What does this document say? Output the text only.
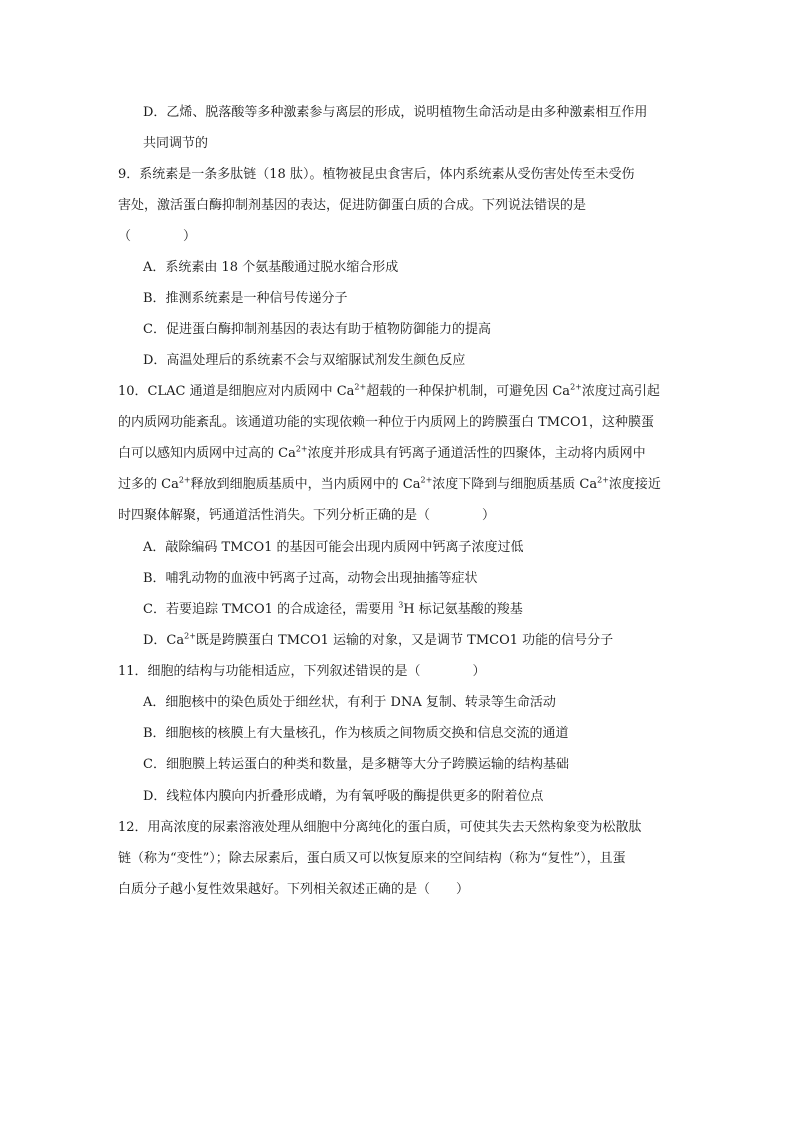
D．乙烯、脱落酸等多种激素参与离层的形成，说明植物生命活动是由多种激素相互作用
共同调节的
9．系统素是一条多肽链（18 肽）。植物被昆虫食害后，体内系统素从受伤害处传至未受伤
害处，激活蛋白酶抑制剂基因的表达，促进防御蛋白质的合成。下列说法错误的是
（　　　　）
A．系统素由 18 个氨基酸通过脱水缩合形成
B．推测系统素是一种信号传递分子
C．促进蛋白酶抑制剂基因的表达有助于植物防御能力的提高
D．高温处理后的系统素不会与双缩脲试剂发生颜色反应
10．CLAC 通道是细胞应对内质网中 $Ca^{2+}$超载的一种保护机制，可避免因 $Ca^{2+}$浓度过高引起
的内质网功能紊乱。该通道功能的实现依赖一种位于内质网上的跨膜蛋白 TMCO1，这种膜蛋
白可以感知内质网中过高的 $Ca^{2+}$浓度并形成具有钙离子通道活性的四聚体，主动将内质网中
过多的 $Ca^{2+}$释放到细胞质基质中，当内质网中的 $Ca^{2+}$浓度下降到与细胞质基质 $Ca^{2+}$浓度接近
时四聚体解聚，钙通道活性消失。下列分析正确的是（　　　　）
A．敲除编码 TMCO1 的基因可能会出现内质网中钙离子浓度过低
B．哺乳动物的血液中钙离子过高，动物会出现抽搐等症状
C．若要追踪 TMCO1 的合成途径，需要用 $^3$H 标记氨基酸的羧基
D．$Ca^{2+}$既是跨膜蛋白 TMCO1 运输的对象，又是调节 TMCO1 功能的信号分子
11．细胞的结构与功能相适应，下列叙述错误的是（　　　　）
A．细胞核中的染色质处于细丝状，有利于 DNA 复制、转录等生命活动
B．细胞核的核膜上有大量核孔，作为核质之间物质交换和信息交流的通道
C．细胞膜上转运蛋白的种类和数量，是多糖等大分子跨膜运输的结构基础
D．线粒体内膜向内折叠形成嵴，为有氧呼吸的酶提供更多的附着位点
12．用高浓度的尿素溶液处理从细胞中分离纯化的蛋白质，可使其失去天然构象变为松散肽
链（称为“变性”）；除去尿素后，蛋白质又可以恢复原来的空间结构（称为“复性”），且蛋
白质分子越小复性效果越好。下列相关叙述正确的是（　　）
